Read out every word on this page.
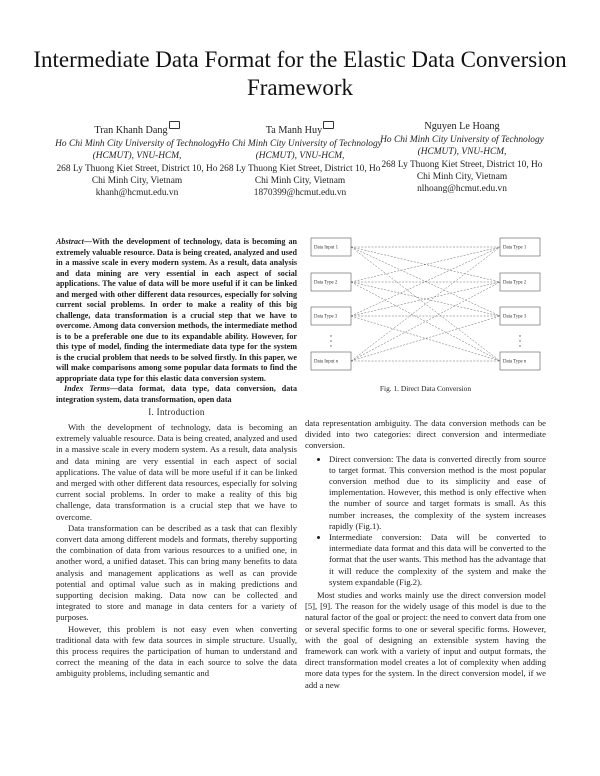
Intermediate Data Format for the Elastic Data Conversion Framework
Tran Khanh Dang
Ho Chi Minh City University of Technology (HCMUT), VNU-HCM,
268 Ly Thuong Kiet Street, District 10, Ho Chi Minh City, Vietnam
khanh@hcmut.edu.vn
Ta Manh Huy
Ho Chi Minh City University of Technology (HCMUT), VNU-HCM,
268 Ly Thuong Kiet Street, District 10, Ho Chi Minh City, Vietnam
1870399@hcmut.edu.vn
Nguyen Le Hoang
Ho Chi Minh City University of Technology (HCMUT), VNU-HCM,
268 Ly Thuong Kiet Street, District 10, Ho Chi Minh City, Vietnam
nlhoang@hcmut.edu.vn
Abstract—With the development of technology, data is becoming an extremely valuable resource. Data is being created, analyzed and used in a massive scale in every modern system. As a result, data analysis and data mining are very essential in each aspect of social applications. The value of data will be more useful if it can be linked and merged with other different data resources, especially for solving current social problems. In order to make a reality of this big challenge, data transformation is a crucial step that we have to overcome. Among data conversion methods, the intermediate method is to be a preferable one due to its expandable ability. However, for this type of model, finding the intermediate data type for the system is the crucial problem that needs to be solved firstly. In this paper, we will make comparisons among some popular data formats to find the appropriate data type for this elastic data conversion system.
Index Terms—data format, data type, data conversion, data integration system, data transformation, open data
Data Input 1
Data Type 2
Data Type 3
Data Input n
Data Type 1
Data Type 2
Data Type 3
Data Type n
Fig. 1. Direct Data Conversion
I. Introduction

With the development of technology, data is becoming an extremely valuable resource. Data is being created, analyzed and used in a massive scale in every modern system. As a result, data analysis and data mining are very essential in each aspect of social applications. The value of data will be more useful if it can be linked and merged with other different data resources, especially for solving current social problems. In order to make a reality of this big challenge, data transformation is a crucial step that we have to overcome.

Data transformation can be described as a task that can flexibly convert data among different models and formats, thereby supporting the combination of data from various resources to a unified one, in another word, a unified dataset. This can bring many benefits to data analysis and management applications as well as can provide potential and optimal value such as in making predictions and supporting decision making. Data now can be collected and integrated to store and manage in data centers for a variety of purposes.

However, this problem is not easy even when converting traditional data with few data sources in simple structure. Usually, this process requires the participation of human to understand and correct the meaning of the data in each source to solve the data ambiguity problems, including semantic and

data representation ambiguity. The data conversion methods can be divided into two categories: direct conversion and intermediate conversion.

• Direct conversion: The data is converted directly from source to target format. This conversion method is the most popular conversion method due to its simplicity and ease of implementation. However, this method is only effective when the number of source and target formats is small. As this number increases, the complexity of the system increases rapidly (Fig.1).
• Intermediate conversion: Data will be converted to intermediate data format and this data will be converted to the format that the user wants. This method has the advantage that it will reduce the complexity of the system and make the system expandable (Fig.2).

Most studies and works mainly use the direct conversion model [5], [9]. The reason for the widely usage of this model is due to the natural factor of the goal or project: the need to convert data from one or several specific forms to one or several specific forms. However, with the goal of designing an extensible system having the framework can work with a variety of input and output formats, the direct transformation model creates a lot of complexity when adding more data types for the system. In the direct conversion model, if we add a new
